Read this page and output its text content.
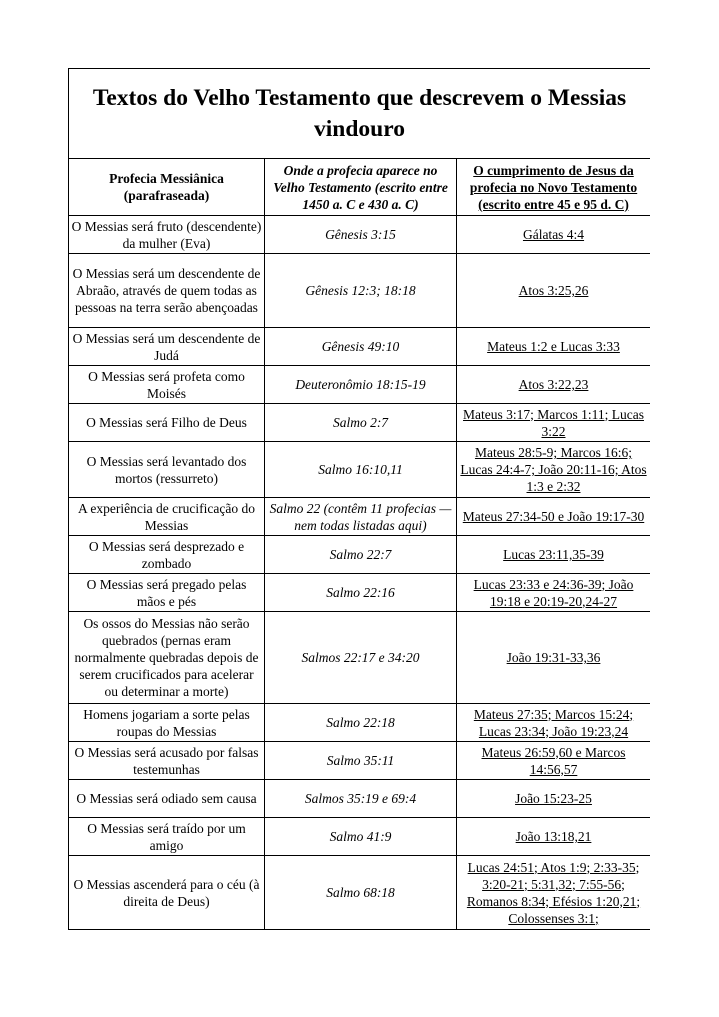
Textos do Velho Testamento que descrevem o Messias vindouro		
Profecia Messiânica (parafraseada)	Onde a profecia aparece no Velho Testamento (escrito entre 1450 a. C e 430 a. C)	O cumprimento de Jesus da profecia no Novo Testamento (escrito entre 45 e 95 d. C)
O Messias será fruto (descendente) da mulher (Eva)	Gênesis 3:15	Gálatas 4:4
O Messias será um descendente de Abraão, através de quem todas as pessoas na terra serão abençoadas	Gênesis 12:3; 18:18	Atos 3:25,26
O Messias será um descendente de Judá	Gênesis 49:10	Mateus 1:2 e Lucas 3:33
O Messias será profeta como Moisés	Deuteronômio 18:15-19	Atos 3:22,23
O Messias será Filho de Deus	Salmo 2:7	Mateus 3:17; Marcos 1:11; Lucas 3:22
O Messias será levantado dos mortos (ressurreto)	Salmo 16:10,11	Mateus 28:5-9; Marcos 16:6; Lucas 24:4-7; João 20:11-16; Atos 1:3 e 2:32
A experiência de crucificação do Messias	Salmo 22 (contêm 11 profecias —nem todas listadas aqui)	Mateus 27:34-50 e João 19:17-30
O Messias será desprezado e zombado	Salmo 22:7	Lucas 23:11,35-39
O Messias será pregado pelas mãos e pés	Salmo 22:16	Lucas 23:33 e 24:36-39; João 19:18 e 20:19-20,24-27
Os ossos do Messias não serão quebrados (pernas eram normalmente quebradas depois de serem crucificados para acelerar ou determinar a morte)	Salmos 22:17 e 34:20	João 19:31-33,36
Homens jogariam a sorte pelas roupas do Messias	Salmo 22:18	Mateus 27:35; Marcos 15:24; Lucas 23:34; João 19:23,24
O Messias será acusado por falsas testemunhas	Salmo 35:11	Mateus 26:59,60 e Marcos 14:56,57
O Messias será odiado sem causa	Salmos 35:19 e 69:4	João 15:23-25
O Messias será traído por um amigo	Salmo 41:9	João 13:18,21
O Messias ascenderá para o céu (à direita de Deus)	Salmo 68:18	Lucas 24:51; Atos 1:9; 2:33-35; 3:20-21; 5:31,32; 7:55-56; Romanos 8:34; Efésios 1:20,21; Colossenses 3:1;
